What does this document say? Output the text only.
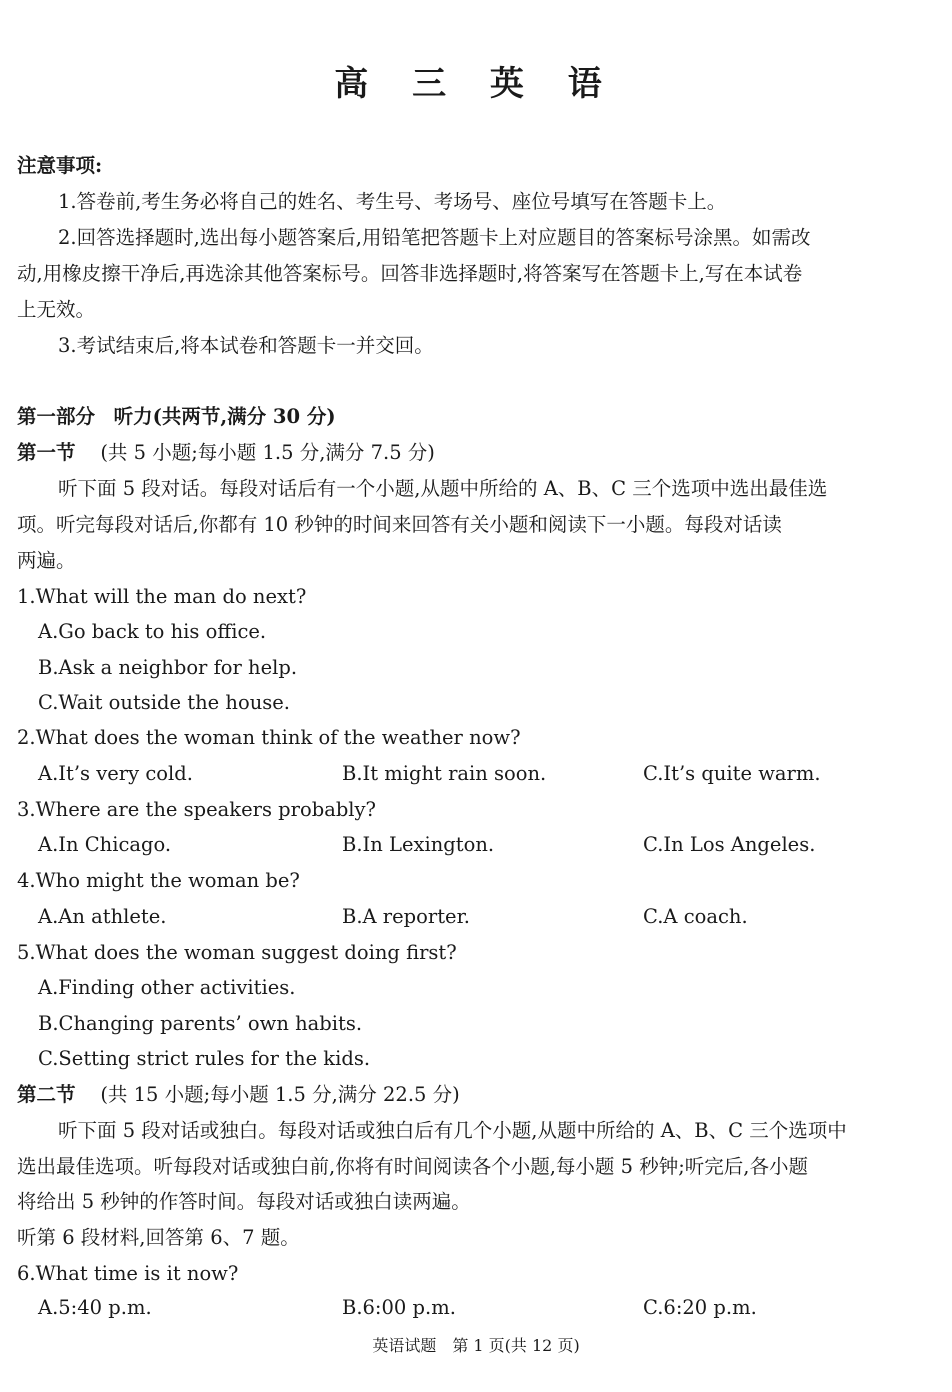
高 三 英 语
注意事项:
1.答卷前,考生务必将自己的姓名、考生号、考场号、座位号填写在答题卡上。
2.回答选择题时,选出每小题答案后,用铅笔把答题卡上对应题目的答案标号涂黑。如需改
动,用橡皮擦干净后,再选涂其他答案标号。回答非选择题时,将答案写在答题卡上,写在本试卷
上无效。
3.考试结束后,将本试卷和答题卡一并交回。
第一部分 听力(共两节,满分 30 分)
第一节 (共 5 小题;每小题 1.5 分,满分 7.5 分)
听下面 5 段对话。每段对话后有一个小题,从题中所给的 A、B、C 三个选项中选出最佳选
项。听完每段对话后,你都有 10 秒钟的时间来回答有关小题和阅读下一小题。每段对话读
两遍。
1.What will the man do next?
A.Go back to his office.
B.Ask a neighbor for help.
C.Wait outside the house.
2.What does the woman think of the weather now?
A.It’s very cold.	B.It might rain soon.	C.It’s quite warm.
3.Where are the speakers probably?
A.In Chicago.	B.In Lexington.	C.In Los Angeles.
4.Who might the woman be?
A.An athlete.	B.A reporter.	C.A coach.
5.What does the woman suggest doing first?
A.Finding other activities.
B.Changing parents’ own habits.
C.Setting strict rules for the kids.
第二节 (共 15 小题;每小题 1.5 分,满分 22.5 分)
听下面 5 段对话或独白。每段对话或独白后有几个小题,从题中所给的 A、B、C 三个选项中
选出最佳选项。听每段对话或独白前,你将有时间阅读各个小题,每小题 5 秒钟;听完后,各小题
将给出 5 秒钟的作答时间。每段对话或独白读两遍。
听第 6 段材料,回答第 6、7 题。
6.What time is it now?
A.5:40 p.m.	B.6:00 p.m.	C.6:20 p.m.
英语试题　第 1 页(共 12 页)
